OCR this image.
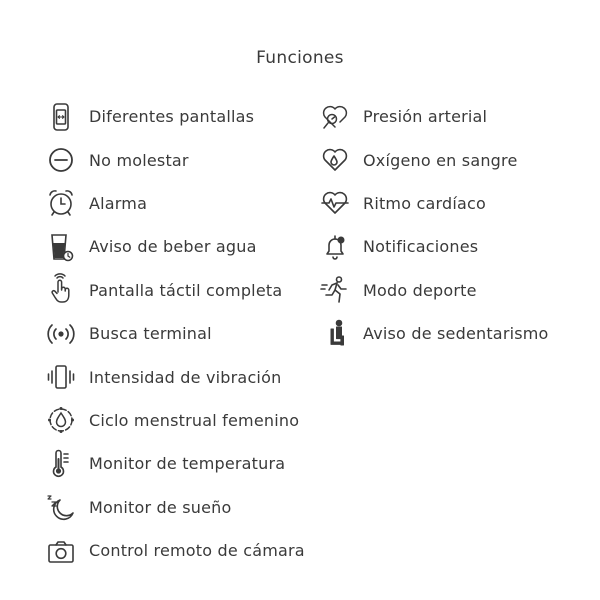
Funciones
Diferentes pantallas
No molestar
Alarma
Aviso de beber agua
Pantalla táctil completa
Busca terminal
Intensidad de vibración
Ciclo menstrual femenino
Monitor de temperatura
Monitor de sueño
Control remoto de cámara
Presión arterial
Oxígeno en sangre
Ritmo cardíaco
Notificaciones
Modo deporte
Aviso de sedentarismo
